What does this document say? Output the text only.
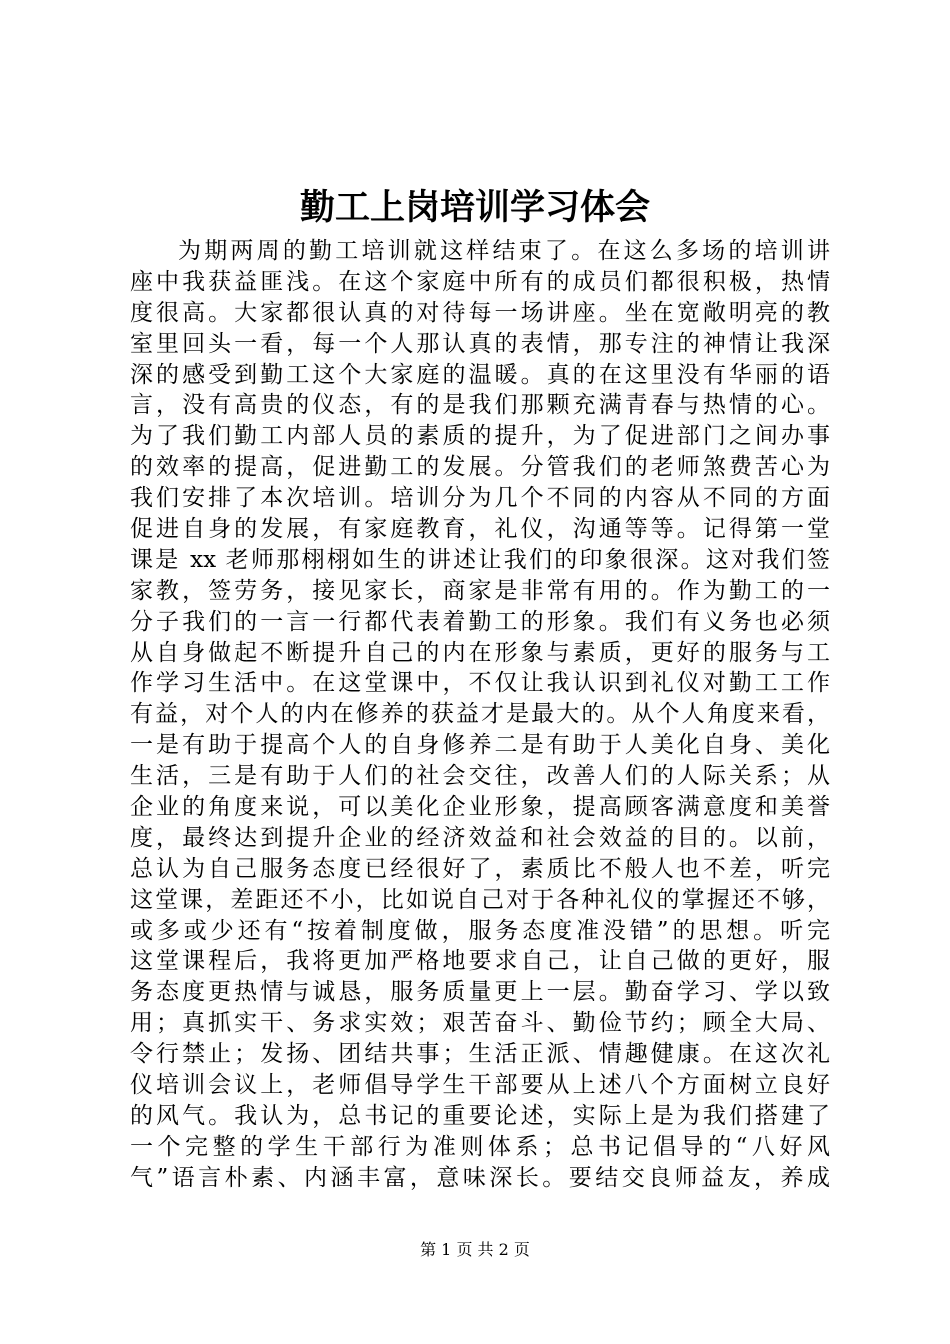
勤工上岗培训学习体会
为期两周的勤工培训就这样结束了。在这么多场的培训讲
座中我获益匪浅。在这个家庭中所有的成员们都很积极，热情
度很高。大家都很认真的对待每一场讲座。坐在宽敞明亮的教
室里回头一看，每一个人那认真的表情，那专注的神情让我深
深的感受到勤工这个大家庭的温暖。真的在这里没有华丽的语
言，没有高贵的仪态，有的是我们那颗充满青春与热情的心。
为了我们勤工内部人员的素质的提升，为了促进部门之间办事
的效率的提高，促进勤工的发展。分管我们的老师煞费苦心为
我们安排了本次培训。培训分为几个不同的内容从不同的方面
促进自身的发展，有家庭教育，礼仪，沟通等等。记得第一堂
课是 xx 老师那栩栩如生的讲述让我们的印象很深。这对我们签
家教，签劳务，接见家长，商家是非常有用的。作为勤工的一
分子我们的一言一行都代表着勤工的形象。我们有义务也必须
从自身做起不断提升自己的内在形象与素质，更好的服务与工
作学习生活中。在这堂课中，不仅让我认识到礼仪对勤工工作
有益，对个人的内在修养的获益才是最大的。从个人角度来看，
一是有助于提高个人的自身修养二是有助于人美化自身、美化
生活，三是有助于人们的社会交往，改善人们的人际关系；从
企业的角度来说，可以美化企业形象，提高顾客满意度和美誉
度，最终达到提升企业的经济效益和社会效益的目的。以前，
总认为自己服务态度已经很好了，素质比不般人也不差，听完
这堂课，差距还不小，比如说自己对于各种礼仪的掌握还不够，
或多或少还有“按着制度做，服务态度准没错”的思想。听完
这堂课程后，我将更加严格地要求自己，让自己做的更好，服
务态度更热情与诚恳，服务质量更上一层。勤奋学习、学以致
用；真抓实干、务求实效；艰苦奋斗、勤俭节约；顾全大局、
令行禁止；发扬、团结共事；生活正派、情趣健康。在这次礼
仪培训会议上，老师倡导学生干部要从上述八个方面树立良好
的风气。我认为，总书记的重要论述，实际上是为我们搭建了
一个完整的学生干部行为准则体系；总书记倡导的“八好风
气”语言朴素、内涵丰富，意味深长。要结交良师益友，养成
第 1 页 共 2 页
